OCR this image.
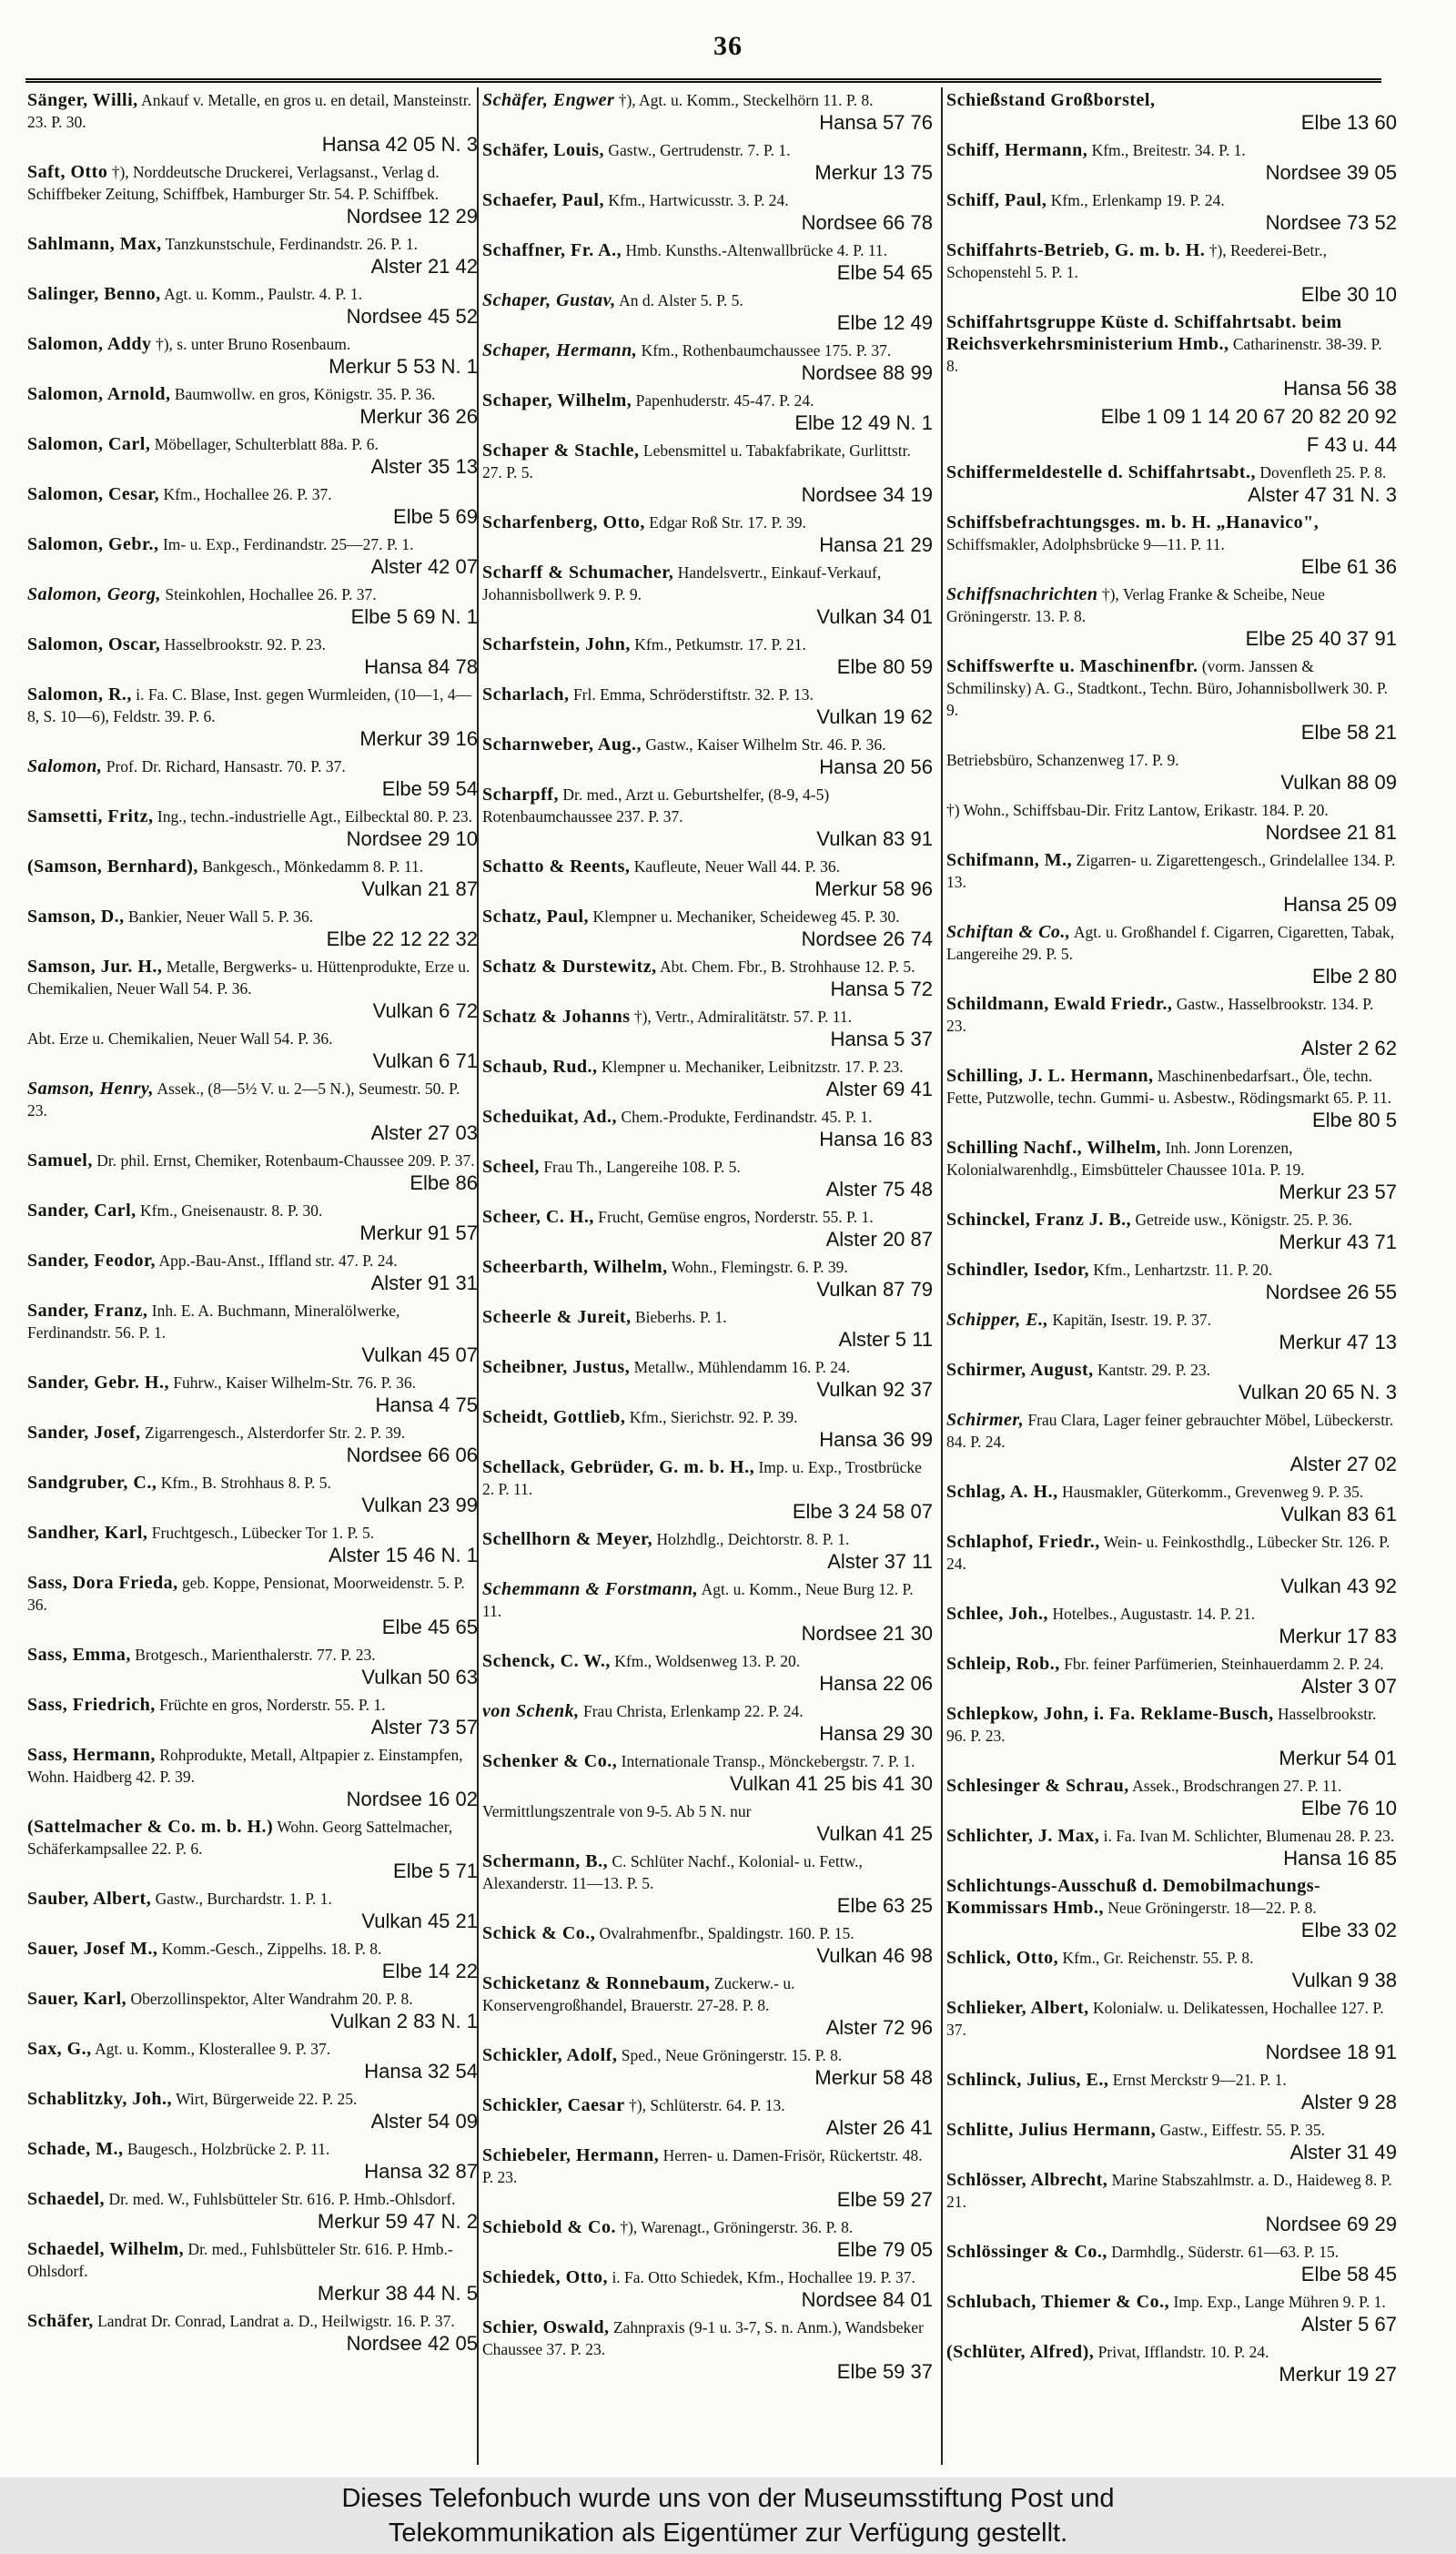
36
Sänger, Willi, Ankauf v. Metalle, en gros u. en detail, Mansteinstr. 23. P. 30.
Hansa 42 05 N. 3
Saft, Otto †), Norddeutsche Druckerei, Verlagsanst., Verlag d. Schiffbeker Zeitung, Schiffbek, Hamburger Str. 54. P. Schiffbek.
Nordsee 12 29
Sahlmann, Max, Tanzkunstschule, Ferdinandstr. 26. P. 1.
Alster 21 42
Salinger, Benno, Agt. u. Komm., Paulstr. 4. P. 1.
Nordsee 45 52
Salomon, Addy †), s. unter Bruno Rosenbaum.
Merkur 5 53 N. 1
Salomon, Arnold, Baumwollw. en gros, Königstr. 35. P. 36.
Merkur 36 26
Salomon, Carl, Möbellager, Schulterblatt 88a. P. 6.
Alster 35 13
Salomon, Cesar, Kfm., Hochallee 26. P. 37.
Elbe 5 69
Salomon, Gebr., Im- u. Exp., Ferdinandstr. 25—27. P. 1.
Alster 42 07
Salomon, Georg, Steinkohlen, Hochallee 26. P. 37.
Elbe 5 69 N. 1
Salomon, Oscar, Hasselbrookstr. 92. P. 23.
Hansa 84 78
Salomon, R., i. Fa. C. Blase, Inst. gegen Wurmleiden, (10—1, 4—8, S. 10—6), Feldstr. 39. P. 6.
Merkur 39 16
Salomon, Prof. Dr. Richard, Hansastr. 70. P. 37.
Elbe 59 54
Samsetti, Fritz, Ing., techn.-industrielle Agt., Eilbecktal 80. P. 23.
Nordsee 29 10
(Samson, Bernhard), Bankgesch., Mönkedamm 8. P. 11.
Vulkan 21 87
Samson, D., Bankier, Neuer Wall 5. P. 36.
Elbe 22 12 22 32
Samson, Jur. H., Metalle, Bergwerks- u. Hüttenprodukte, Erze u. Chemikalien, Neuer Wall 54. P. 36.
Vulkan 6 72
Abt. Erze u. Chemikalien, Neuer Wall 54. P. 36.
Vulkan 6 71
Samson, Henry, Assek., (8—5½ V. u. 2—5 N.), Seumestr. 50. P. 23.
Alster 27 03
Samuel, Dr. phil. Ernst, Chemiker, Rotenbaum-Chaussee 209. P. 37.
Elbe 86
Sander, Carl, Kfm., Gneisenaustr. 8. P. 30.
Merkur 91 57
Sander, Feodor, App.-Bau-Anst., Iffland str. 47. P. 24.
Alster 91 31
Sander, Franz, Inh. E. A. Buchmann, Mineralölwerke, Ferdinandstr. 56. P. 1.
Vulkan 45 07
Sander, Gebr. H., Fuhrw., Kaiser Wilhelm-Str. 76. P. 36.
Hansa 4 75
Sander, Josef, Zigarrengesch., Alsterdorfer Str. 2. P. 39.
Nordsee 66 06
Sandgruber, C., Kfm., B. Strohhaus 8. P. 5.
Vulkan 23 99
Sandher, Karl, Fruchtgesch., Lübecker Tor 1. P. 5.
Alster 15 46 N. 1
Sass, Dora Frieda, geb. Koppe, Pensionat, Moorweidenstr. 5. P. 36.
Elbe 45 65
Sass, Emma, Brotgesch., Marienthalerstr. 77. P. 23.
Vulkan 50 63
Sass, Friedrich, Früchte en gros, Norderstr. 55. P. 1.
Alster 73 57
Sass, Hermann, Rohprodukte, Metall, Altpapier z. Einstampfen, Wohn. Haidberg 42. P. 39.
Nordsee 16 02
(Sattelmacher & Co. m. b. H.) Wohn. Georg Sattelmacher, Schäferkampsallee 22. P. 6.
Elbe 5 71
Sauber, Albert, Gastw., Burchardstr. 1. P. 1.
Vulkan 45 21
Sauer, Josef M., Komm.-Gesch., Zippelhs. 18. P. 8.
Elbe 14 22
Sauer, Karl, Oberzollinspektor, Alter Wandrahm 20. P. 8.
Vulkan 2 83 N. 1
Sax, G., Agt. u. Komm., Klosterallee 9. P. 37.
Hansa 32 54
Schablitzky, Joh., Wirt, Bürgerweide 22. P. 25.
Alster 54 09
Schade, M., Baugesch., Holzbrücke 2. P. 11.
Hansa 32 87
Schaedel, Dr. med. W., Fuhlsbütteler Str. 616. P. Hmb.-Ohlsdorf.
Merkur 59 47 N. 2
Schaedel, Wilhelm, Dr. med., Fuhlsbütteler Str. 616. P. Hmb.-Ohlsdorf.
Merkur 38 44 N. 5
Schäfer, Landrat Dr. Conrad, Landrat a. D., Heilwigstr. 16. P. 37.
Nordsee 42 05
Schäfer, Engwer †), Agt. u. Komm., Steckelhörn 11. P. 8.
Hansa 57 76
Schäfer, Louis, Gastw., Gertrudenstr. 7. P. 1.
Merkur 13 75
Schaefer, Paul, Kfm., Hartwicusstr. 3. P. 24.
Nordsee 66 78
Schaffner, Fr. A., Hmb. Kunsths.-Altenwallbrücke 4. P. 11.
Elbe 54 65
Schaper, Gustav, An d. Alster 5. P. 5.
Elbe 12 49
Schaper, Hermann, Kfm., Rothenbaumchaussee 175. P. 37.
Nordsee 88 99
Schaper, Wilhelm, Papenhuderstr. 45-47. P. 24.
Elbe 12 49 N. 1
Schaper & Stachle, Lebensmittel u. Tabakfabrikate, Gurlittstr. 27. P. 5.
Nordsee 34 19
Scharfenberg, Otto, Edgar Roß Str. 17. P. 39.
Hansa 21 29
Scharff & Schumacher, Handelsvertr., Einkauf-Verkauf, Johannisbollwerk 9. P. 9.
Vulkan 34 01
Scharfstein, John, Kfm., Petkumstr. 17. P. 21.
Elbe 80 59
Scharlach, Frl. Emma, Schröderstiftstr. 32. P. 13.
Vulkan 19 62
Scharnweber, Aug., Gastw., Kaiser Wilhelm Str. 46. P. 36.
Hansa 20 56
Scharpff, Dr. med., Arzt u. Geburtshelfer, (8-9, 4-5) Rotenbaumchaussee 237. P. 37.
Vulkan 83 91
Schatto & Reents, Kaufleute, Neuer Wall 44. P. 36.
Merkur 58 96
Schatz, Paul, Klempner u. Mechaniker, Scheideweg 45. P. 30.
Nordsee 26 74
Schatz & Durstewitz, Abt. Chem. Fbr., B. Strohhause 12. P. 5.
Hansa 5 72
Schatz & Johanns †), Vertr., Admiralitätstr. 57. P. 11.
Hansa 5 37
Schaub, Rud., Klempner u. Mechaniker, Leibnitzstr. 17. P. 23.
Alster 69 41
Scheduikat, Ad., Chem.-Produkte, Ferdinandstr. 45. P. 1.
Hansa 16 83
Scheel, Frau Th., Langereihe 108. P. 5.
Alster 75 48
Scheer, C. H., Frucht, Gemüse engros, Norderstr. 55. P. 1.
Alster 20 87
Scheerbarth, Wilhelm, Wohn., Flemingstr. 6. P. 39.
Vulkan 87 79
Scheerle & Jureit, Bieberhs. P. 1.
Alster 5 11
Scheibner, Justus, Metallw., Mühlendamm 16. P. 24.
Vulkan 92 37
Scheidt, Gottlieb, Kfm., Sierichstr. 92. P. 39.
Hansa 36 99
Schellack, Gebrüder, G. m. b. H., Imp. u. Exp., Trostbrücke 2. P. 11.
Elbe 3 24 58 07
Schellhorn & Meyer, Holzhdlg., Deichtorstr. 8. P. 1.
Alster 37 11
Schemmann & Forstmann, Agt. u. Komm., Neue Burg 12. P. 11.
Nordsee 21 30
Schenck, C. W., Kfm., Woldsenweg 13. P. 20.
Hansa 22 06
von Schenk, Frau Christa, Erlenkamp 22. P. 24.
Hansa 29 30
Schenker & Co., Internationale Transp., Mönckebergstr. 7. P. 1.
Vulkan 41 25 bis 41 30
Vermittlungszentrale von 9-5. Ab 5 N. nur
Vulkan 41 25
Schermann, B., C. Schlüter Nachf., Kolonial- u. Fettw., Alexanderstr. 11—13. P. 5.
Elbe 63 25
Schick & Co., Ovalrahmenfbr., Spaldingstr. 160. P. 15.
Vulkan 46 98
Schicketanz & Ronnebaum, Zuckerw.- u. Konservengroßhandel, Brauerstr. 27-28. P. 8.
Alster 72 96
Schickler, Adolf, Sped., Neue Gröningerstr. 15. P. 8.
Merkur 58 48
Schickler, Caesar †), Schlüterstr. 64. P. 13.
Alster 26 41
Schiebeler, Hermann, Herren- u. Damen-Frisör, Rückertstr. 48. P. 23.
Elbe 59 27
Schiebold & Co. †), Warenagt., Gröningerstr. 36. P. 8.
Elbe 79 05
Schiedek, Otto, i. Fa. Otto Schiedek, Kfm., Hochallee 19. P. 37.
Nordsee 84 01
Schier, Oswald, Zahnpraxis (9-1 u. 3-7, S. n. Anm.), Wandsbeker Chaussee 37. P. 23.
Elbe 59 37
Schießstand Großborstel,
Elbe 13 60
Schiff, Hermann, Kfm., Breitestr. 34. P. 1.
Nordsee 39 05
Schiff, Paul, Kfm., Erlenkamp 19. P. 24.
Nordsee 73 52
Schiffahrts-Betrieb, G. m. b. H. †), Reederei-Betr., Schopenstehl 5. P. 1.
Elbe 30 10
Schiffahrtsgruppe Küste d. Schiffahrtsabt. beim Reichsverkehrsministerium Hmb., Catharinenstr. 38-39. P. 8.
Hansa 56 38
Elbe 1 09 1 14 20 67 20 82 20 92
F 43 u. 44
Schiffermeldestelle d. Schiffahrtsabt., Dovenfleth 25. P. 8.
Alster 47 31 N. 3
Schiffsbefrachtungsges. m. b. H. „Hanavico", Schiffsmakler, Adolphsbrücke 9—11. P. 11.
Elbe 61 36
Schiffsnachrichten †), Verlag Franke & Scheibe, Neue Gröningerstr. 13. P. 8.
Elbe 25 40 37 91
Schiffswerfte u. Maschinenfbr. (vorm. Janssen & Schmilinsky) A. G., Stadtkont., Techn. Büro, Johannisbollwerk 30. P. 9.
Elbe 58 21
Betriebsbüro, Schanzenweg 17. P. 9.
Vulkan 88 09
†) Wohn., Schiffsbau-Dir. Fritz Lantow, Erikastr. 184. P. 20.
Nordsee 21 81
Schifmann, M., Zigarren- u. Zigarettengesch., Grindelallee 134. P. 13.
Hansa 25 09
Schiftan & Co., Agt. u. Großhandel f. Cigarren, Cigaretten, Tabak, Langereihe 29. P. 5.
Elbe 2 80
Schildmann, Ewald Friedr., Gastw., Hasselbrookstr. 134. P. 23.
Alster 2 62
Schilling, J. L. Hermann, Maschinenbedarfsart., Öle, techn. Fette, Putzwolle, techn. Gummi- u. Asbestw., Rödingsmarkt 65. P. 11.
Elbe 80 5
Schilling Nachf., Wilhelm, Inh. Jonn Lorenzen, Kolonialwarenhdlg., Eimsbütteler Chaussee 101a. P. 19.
Merkur 23 57
Schinckel, Franz J. B., Getreide usw., Königstr. 25. P. 36.
Merkur 43 71
Schindler, Isedor, Kfm., Lenhartzstr. 11. P. 20.
Nordsee 26 55
Schipper, E., Kapitän, Isestr. 19. P. 37.
Merkur 47 13
Schirmer, August, Kantstr. 29. P. 23.
Vulkan 20 65 N. 3
Schirmer, Frau Clara, Lager feiner gebrauchter Möbel, Lübeckerstr. 84. P. 24.
Alster 27 02
Schlag, A. H., Hausmakler, Güterkomm., Grevenweg 9. P. 35.
Vulkan 83 61
Schlaphof, Friedr., Wein- u. Feinkosthdlg., Lübecker Str. 126. P. 24.
Vulkan 43 92
Schlee, Joh., Hotelbes., Augustastr. 14. P. 21.
Merkur 17 83
Schleip, Rob., Fbr. feiner Parfümerien, Steinhauerdamm 2. P. 24.
Alster 3 07
Schlepkow, John, i. Fa. Reklame-Busch, Hasselbrookstr. 96. P. 23.
Merkur 54 01
Schlesinger & Schrau, Assek., Brodschrangen 27. P. 11.
Elbe 76 10
Schlichter, J. Max, i. Fa. Ivan M. Schlichter, Blumenau 28. P. 23.
Hansa 16 85
Schlichtungs-Ausschuß d. Demobilmachungs-Kommissars Hmb., Neue Gröningerstr. 18—22. P. 8.
Elbe 33 02
Schlick, Otto, Kfm., Gr. Reichenstr. 55. P. 8.
Vulkan 9 38
Schlieker, Albert, Kolonialw. u. Delikatessen, Hochallee 127. P. 37.
Nordsee 18 91
Schlinck, Julius, E., Ernst Merckstr 9—21. P. 1.
Alster 9 28
Schlitte, Julius Hermann, Gastw., Eiffestr. 55. P. 35.
Alster 31 49
Schlösser, Albrecht, Marine Stabszahlmstr. a. D., Haideweg 8. P. 21.
Nordsee 69 29
Schlössinger & Co., Darmhdlg., Süderstr. 61—63. P. 15.
Elbe 58 45
Schlubach, Thiemer & Co., Imp. Exp., Lange Mühren 9. P. 1.
Alster 5 67
(Schlüter, Alfred), Privat, Ifflandstr. 10. P. 24.
Merkur 19 27
Dieses Telefonbuch wurde uns von der Museumsstiftung Post und
Telekommunikation als Eigentümer zur Verfügung gestellt.
